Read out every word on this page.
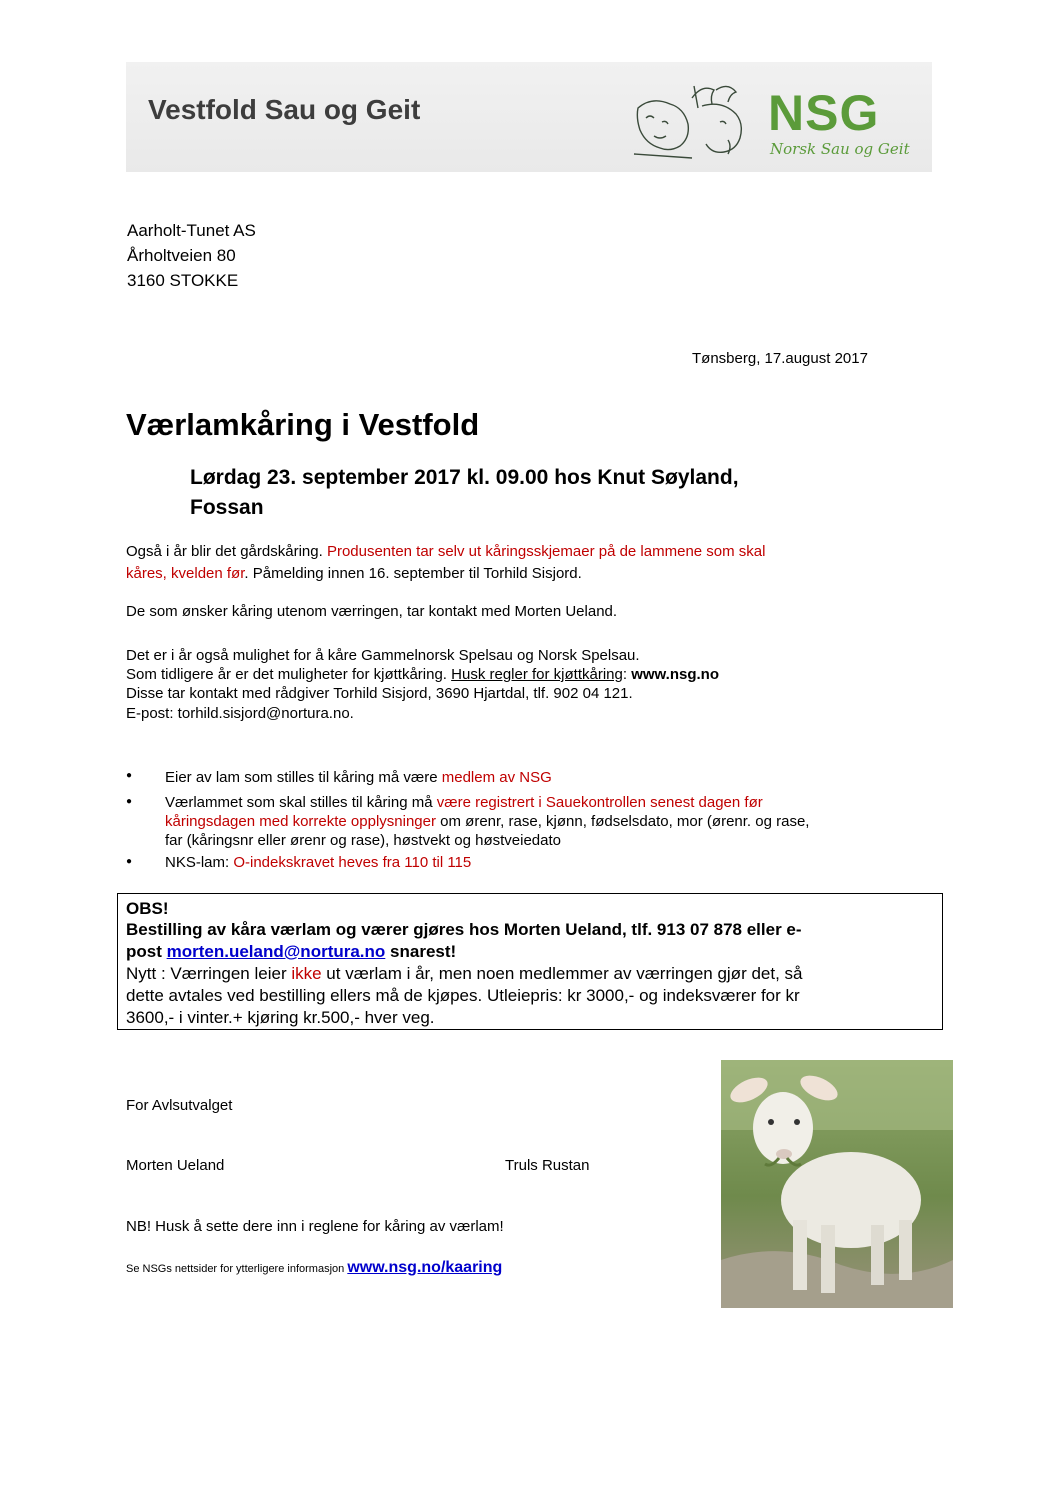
Vestfold Sau og Geit	NSG
Norsk Sau og Geit
Aarholt-Tunet AS
Årholtveien 80
3160 STOKKE
Tønsberg, 17.august 2017
Værlamkåring i Vestfold
Lørdag 23. september 2017 kl. 09.00 hos Knut Søyland,
Fossan
Også i år blir det gårdskåring. Produsenten tar selv ut kåringsskjemaer på de lammene som skal
kåres, kvelden før. Påmelding innen 16. september til Torhild Sisjord.
De som ønsker kåring utenom værringen, tar kontakt med Morten Ueland.
Det er i år også mulighet for å kåre Gammelnorsk Spelsau og Norsk Spelsau.
Som tidligere år er det muligheter for kjøttkåring. Husk regler for kjøttkåring: www.nsg.no
Disse tar kontakt med rådgiver Torhild Sisjord, 3690 Hjartdal, tlf. 902 04 121.
E-post: torhild.sisjord@nortura.no.
● Eier av lam som stilles til kåring må være medlem av NSG
● Værlammet som skal stilles til kåring må være registrert i Sauekontrollen senest dagen før
kåringsdagen med korrekte opplysninger om ørenr, rase, kjønn, fødselsdato, mor (ørenr. og rase,
far (kåringsnr eller ørenr og rase), høstvekt og høstveiedato
● NKS-lam: O-indekskravet heves fra 110 til 115
OBS!
Bestilling av kåra værlam og værer gjøres hos Morten Ueland, tlf. 913 07 878 eller e-
post morten.ueland@nortura.no snarest!
Nytt : Værringen leier ikke ut værlam i år, men noen medlemmer av værringen gjør det, så
dette avtales ved bestilling ellers må de kjøpes. Utleiepris: kr 3000,- og indeksværer for kr
3600,- i vinter.+ kjøring kr.500,- hver veg.
For Avlsutvalget
Morten Ueland	Truls Rustan
NB! Husk å sette dere inn i reglene for kåring av værlam!
Se NSGs nettsider for ytterligere informasjon www.nsg.no/kaaring
